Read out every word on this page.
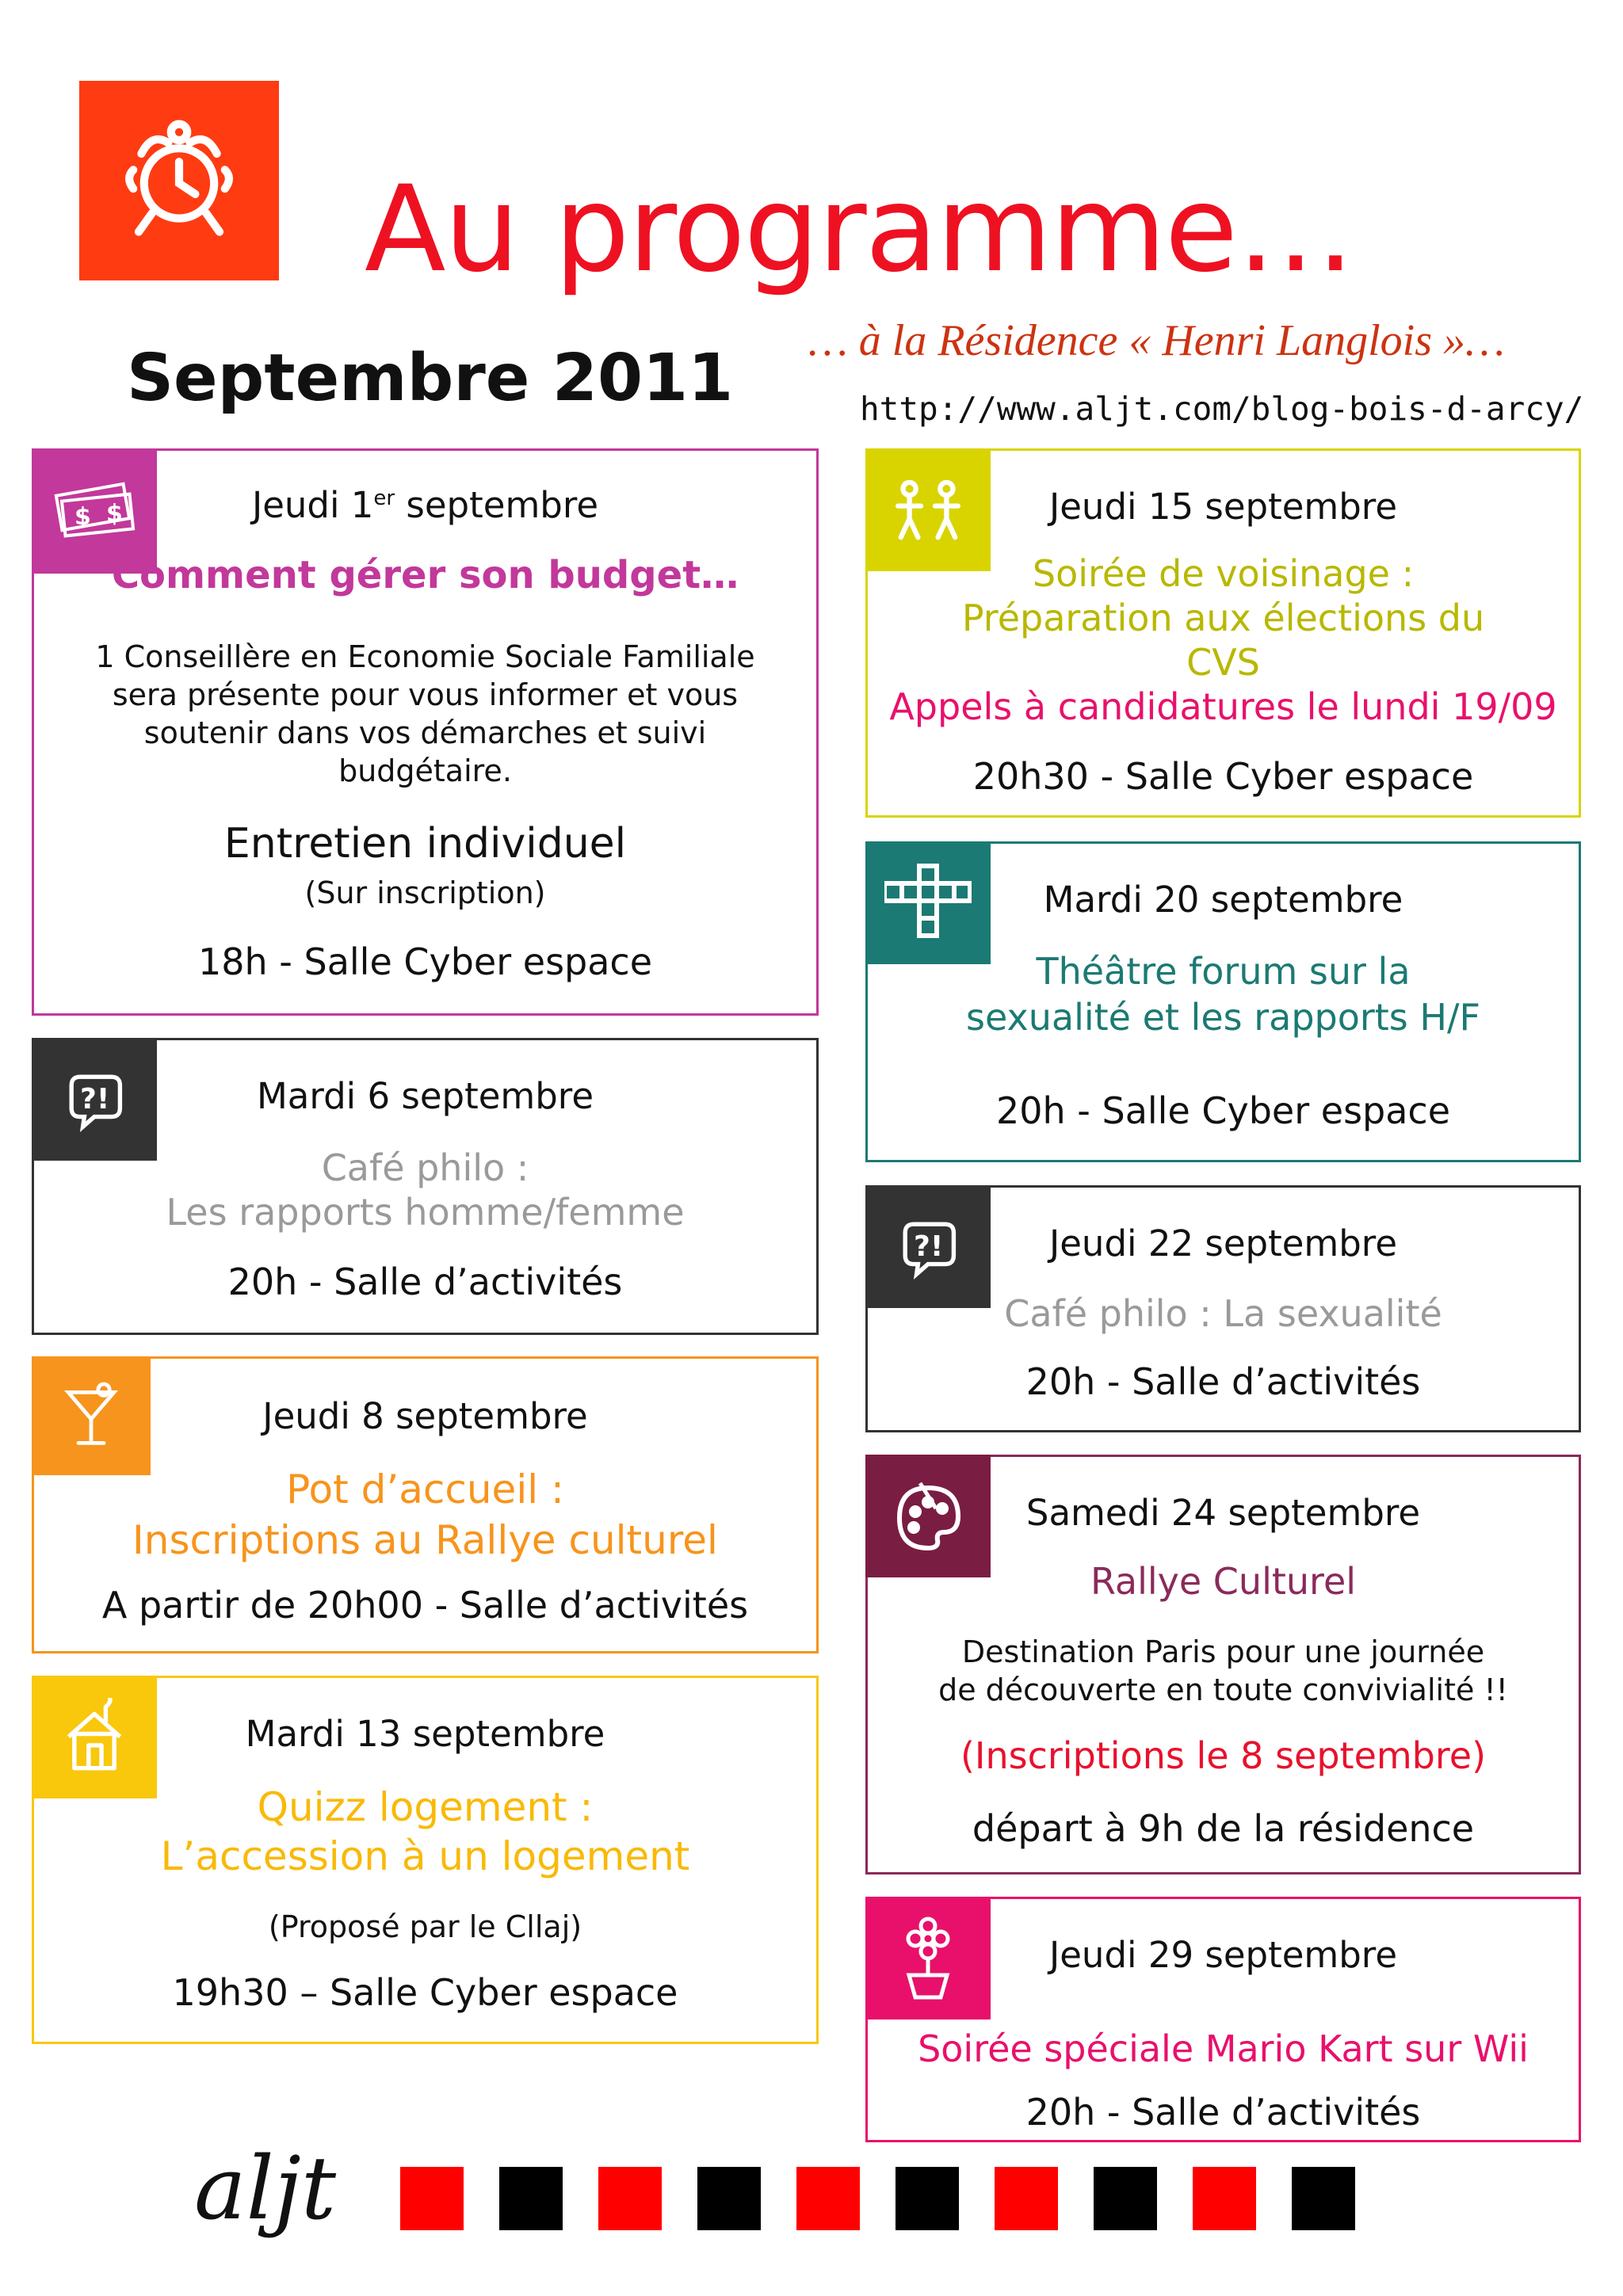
Au programme…
Septembre 2011 … à la Résidence « Henri Langlois »…
http://www.aljt.com/blog-bois-d-arcy/
$ $	Jeudi 1er septembre
Comment gérer son budget…
1 Conseillère en Economie Sociale Familiale
sera présente pour vous informer et vous
soutenir dans vos démarches et suivi
budgétaire.
Entretien individuel
(Sur inscription)
18h - Salle Cyber espace
?!	Mardi 6 septembre
Café philo :
Les rapports homme/femme
20h - Salle d’activités
Jeudi 8 septembre
Pot d’accueil :
Inscriptions au Rallye culturel
A partir de 20h00 - Salle d’activités
Mardi 13 septembre
Quizz logement :
L’accession à un logement
(Proposé par le Cllaj)
19h30 – Salle Cyber espace
Jeudi 15 septembre
Soirée de voisinage :
Préparation aux élections du
CVS
Appels à candidatures le lundi 19/09
20h30 - Salle Cyber espace
Mardi 20 septembre
Théâtre forum sur la
sexualité et les rapports H/F
20h - Salle Cyber espace
?!	Jeudi 22 septembre
Café philo : La sexualité
20h - Salle d’activités
Samedi 24 septembre
Rallye Culturel
Destination Paris pour une journée
de découverte en toute convivialité !!
(Inscriptions le 8 septembre)
départ à 9h de la résidence
Jeudi 29 septembre
Soirée spéciale Mario Kart sur Wii
20h - Salle d’activités
aljt
